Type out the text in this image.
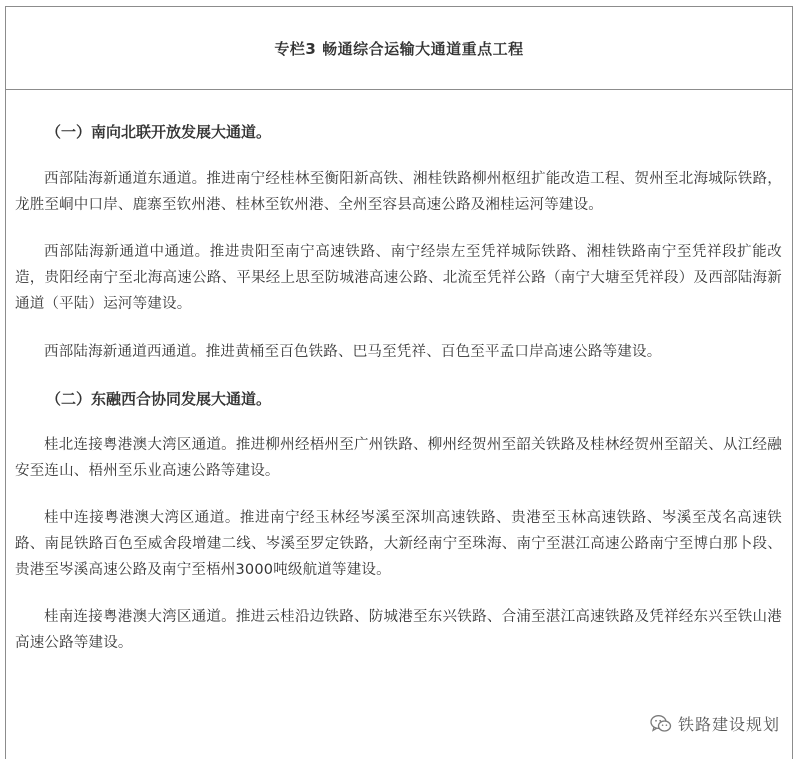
专栏3 畅通综合运输大通道重点工程
（一）南向北联开放发展大通道。
西部陆海新通道东通道。推进南宁经桂林至衡阳新高铁、湘桂铁路柳州枢纽扩能改造工程、贺州至北海城际铁路，龙胜至峒中口岸、鹿寨至钦州港、桂林至钦州港、全州至容县高速公路及湘桂运河等建设。
西部陆海新通道中通道。推进贵阳至南宁高速铁路、南宁经崇左至凭祥城际铁路、湘桂铁路南宁至凭祥段扩能改造，贵阳经南宁至北海高速公路、平果经上思至防城港高速公路、北流至凭祥公路（南宁大塘至凭祥段）及西部陆海新通道（平陆）运河等建设。
西部陆海新通道西通道。推进黄桶至百色铁路、巴马至凭祥、百色至平孟口岸高速公路等建设。
（二）东融西合协同发展大通道。
桂北连接粤港澳大湾区通道。推进柳州经梧州至广州铁路、柳州经贺州至韶关铁路及桂林经贺州至韶关、从江经融安至连山、梧州至乐业高速公路等建设。
桂中连接粤港澳大湾区通道。推进南宁经玉林经岑溪至深圳高速铁路、贵港至玉林高速铁路、岑溪至茂名高速铁路、南昆铁路百色至威舍段增建二线、岑溪至罗定铁路，大新经南宁至珠海、南宁至湛江高速公路南宁至博白那卜段、贵港至岑溪高速公路及南宁至梧州3000吨级航道等建设。
桂南连接粤港澳大湾区通道。推进云桂沿边铁路、防城港至东兴铁路、合浦至湛江高速铁路及凭祥经东兴至铁山港高速公路等建设。
铁路建设规划
